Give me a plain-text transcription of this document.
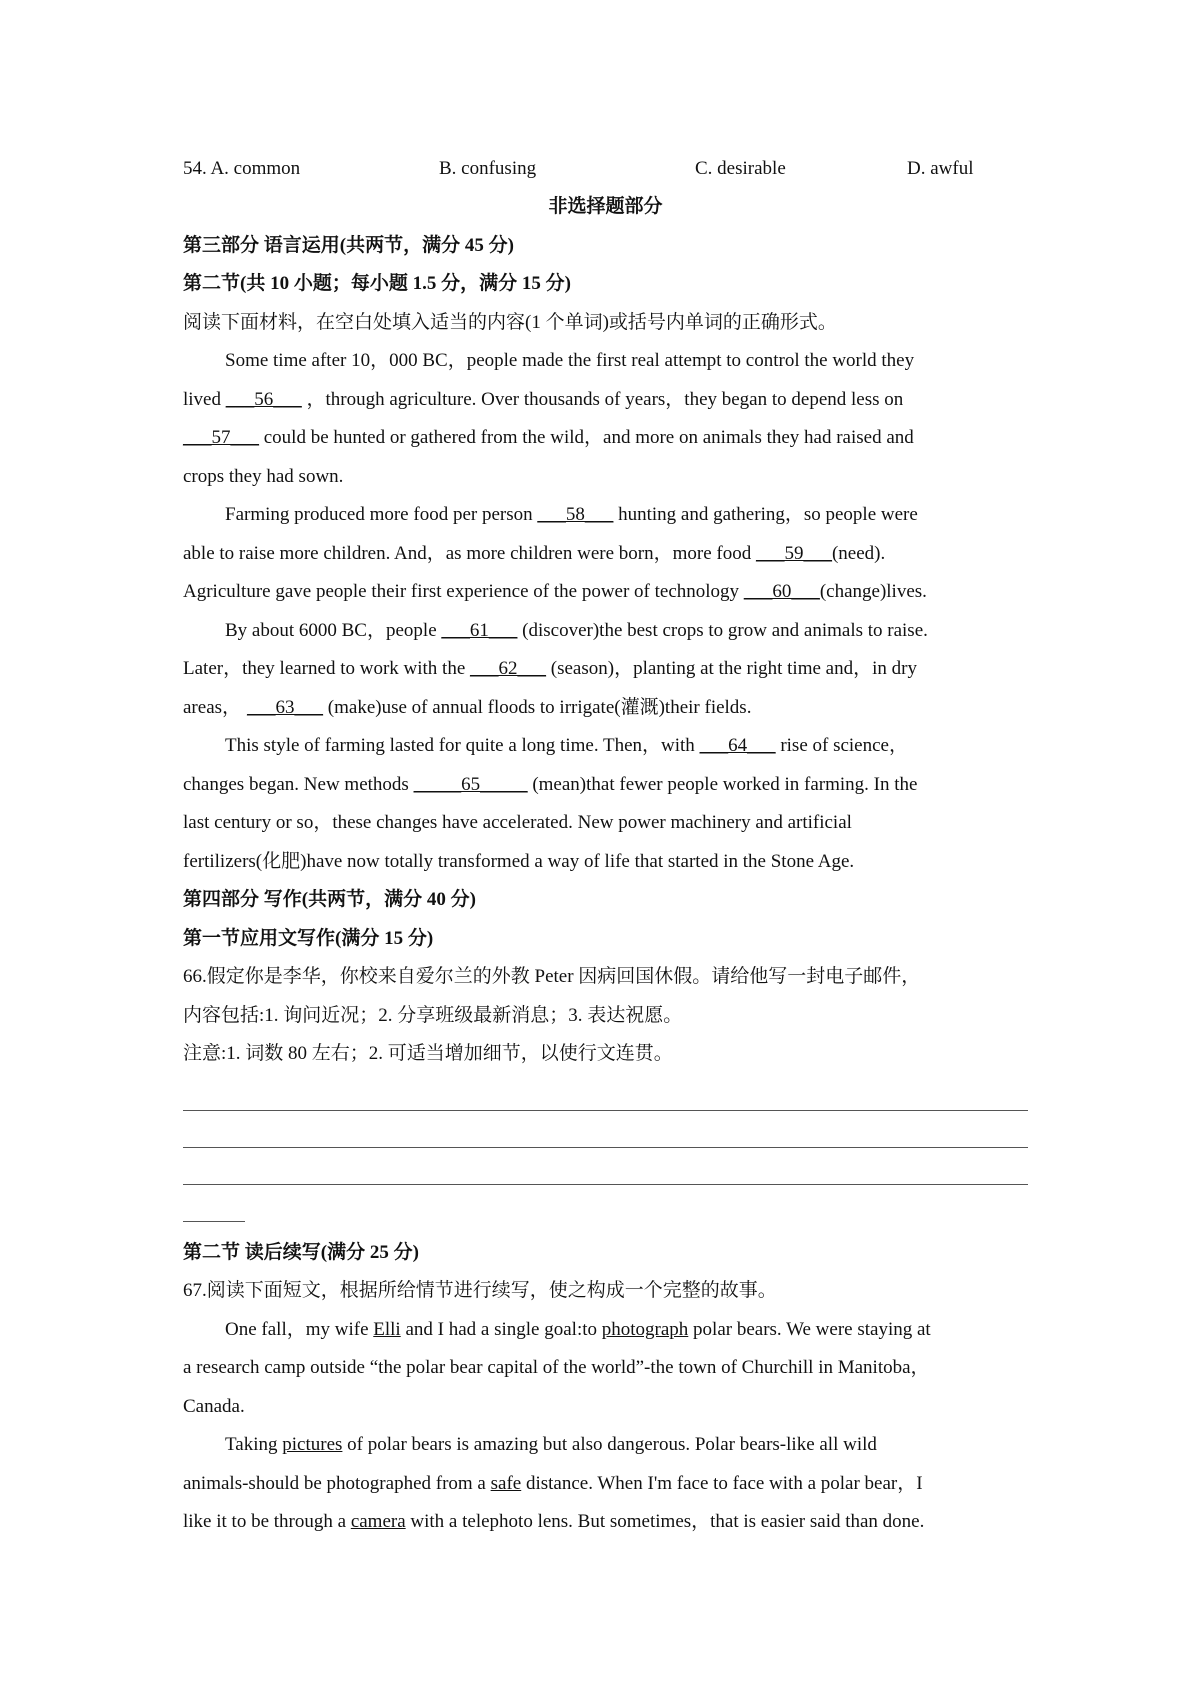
54. A. common	B. confusing	C. desirable	D. awful
非选择题部分
第三部分 语言运用(共两节，满分 45 分)
第二节(共 10 小题；每小题 1.5 分，满分 15 分)
阅读下面材料，在空白处填入适当的内容(1 个单词)或括号内单词的正确形式。
Some time after 10，000 BC，people made the first real attempt to control the world they
lived ___56___ ，through agriculture. Over thousands of years，they began to depend less on
___57___ could be hunted or gathered from the wild，and more on animals they had raised and
crops they had sown.
Farming produced more food per person ___58___ hunting and gathering，so people were
able to raise more children. And，as more children were born，more food ___59___(need).
Agriculture gave people their first experience of the power of technology ___60___(change)lives.
By about 6000 BC，people ___61___ (discover)the best crops to grow and animals to raise.
Later，they learned to work with the ___62___ (season)，planting at the right time and，in dry
areas， ___63___ (make)use of annual floods to irrigate(灌溉)their fields.
This style of farming lasted for quite a long time. Then，with ___64___ rise of science，
changes began. New methods _____65_____ (mean)that fewer people worked in farming. In the
last century or so，these changes have accelerated. New power machinery and artificial
fertilizers(化肥)have now totally transformed a way of life that started in the Stone Age.
第四部分 写作(共两节，满分 40 分)
第一节应用文写作(满分 15 分)
66.假定你是李华，你校来自爱尔兰的外教 Peter 因病回国休假。请给他写一封电子邮件，
内容包括:1. 询问近况；2. 分享班级最新消息；3. 表达祝愿。
注意:1. 词数 80 左右；2. 可适当增加细节，以使行文连贯。
第二节 读后续写(满分 25 分)
67.阅读下面短文，根据所给情节进行续写，使之构成一个完整的故事。
One fall，my wife Elli and I had a single goal:to photograph polar bears. We were staying at
a research camp outside “the polar bear capital of the world”-the town of Churchill in Manitoba，
Canada.
Taking pictures of polar bears is amazing but also dangerous. Polar bears-like all wild
animals-should be photographed from a safe distance. When I'm face to face with a polar bear，I
like it to be through a camera with a telephoto lens. But sometimes，that is easier said than done.
